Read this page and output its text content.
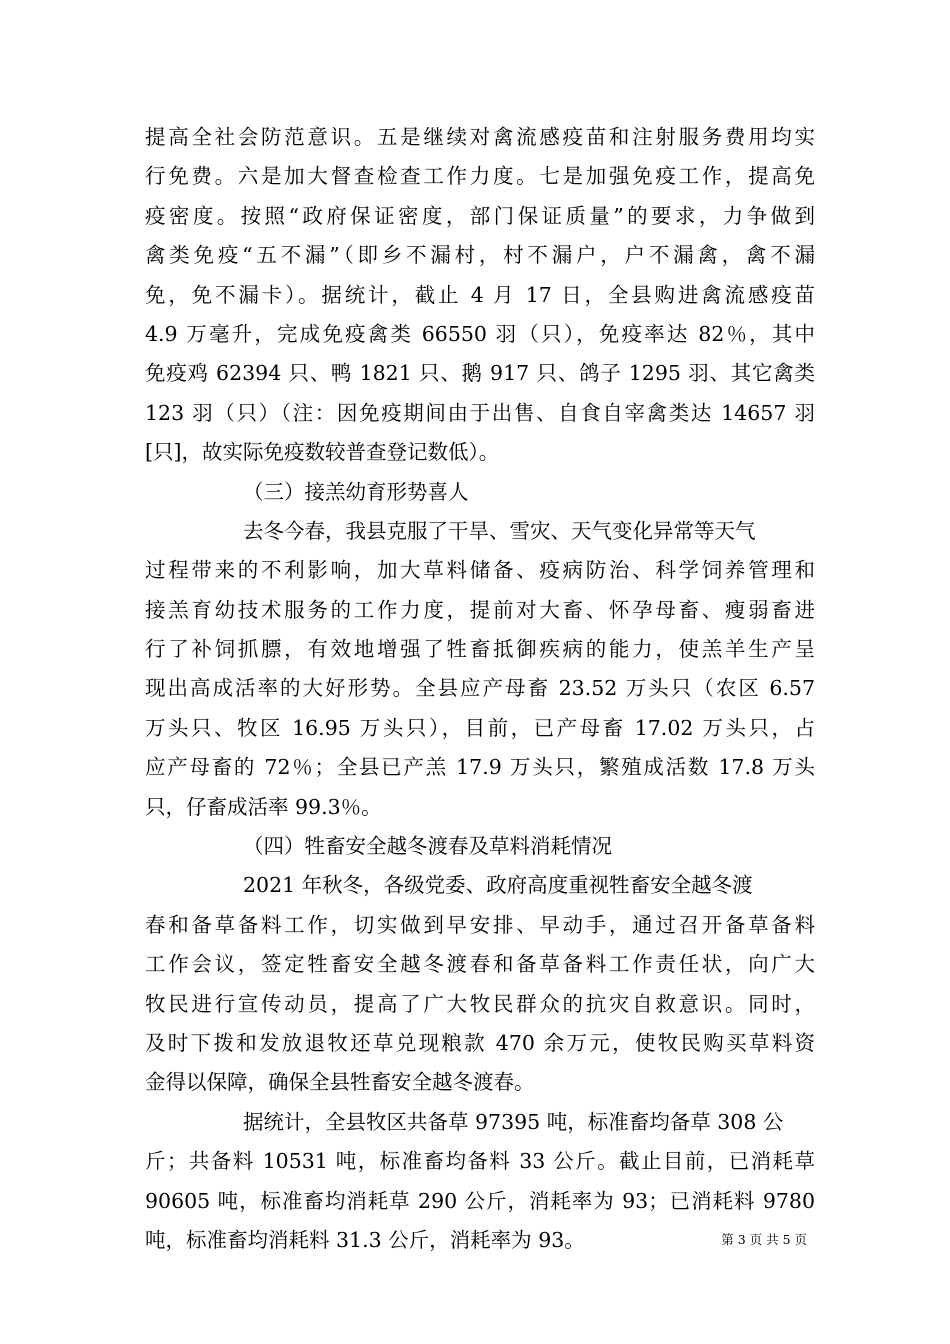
提高全社会防范意识。五是继续对禽流感疫苗和注射服务费用均实
行免费。六是加大督查检查工作力度。七是加强免疫工作，提高免
疫密度。按照“政府保证密度，部门保证质量”的要求，力争做到
禽类免疫“五不漏”（即乡不漏村，村不漏户，户不漏禽，禽不漏
免，免不漏卡）。据统计，截止 4 月 17 日，全县购进禽流感疫苗
4.9 万毫升，完成免疫禽类 66550 羽（只），免疫率达 82％，其中
免疫鸡 62394 只、鸭 1821 只、鹅 917 只、鸽子 1295 羽、其它禽类
123 羽（只）（注：因免疫期间由于出售、自食自宰禽类达 14657 羽
[只]，故实际免疫数较普查登记数低）。
（三）接羔幼育形势喜人
去冬今春，我县克服了干旱、雪灾、天气变化异常等天气
过程带来的不利影响，加大草料储备、疫病防治、科学饲养管理和
接羔育幼技术服务的工作力度，提前对大畜、怀孕母畜、瘦弱畜进
行了补饲抓膘，有效地增强了牲畜抵御疾病的能力，使羔羊生产呈
现出高成活率的大好形势。全县应产母畜 23.52 万头只（农区 6.57
万头只、牧区 16.95 万头只），目前，已产母畜 17.02 万头只，占
应产母畜的 72％；全县已产羔 17.9 万头只，繁殖成活数 17.8 万头
只，仔畜成活率 99.3％。
（四）牲畜安全越冬渡春及草料消耗情况
2021 年秋冬，各级党委、政府高度重视牲畜安全越冬渡
春和备草备料工作，切实做到早安排、早动手，通过召开备草备料
工作会议，签定牲畜安全越冬渡春和备草备料工作责任状，向广大
牧民进行宣传动员，提高了广大牧民群众的抗灾自救意识。同时，
及时下拨和发放退牧还草兑现粮款 470 余万元，使牧民购买草料资
金得以保障，确保全县牲畜安全越冬渡春。
据统计，全县牧区共备草 97395 吨，标准畜均备草 308 公
斤；共备料 10531 吨，标准畜均备料 33 公斤。截止目前，已消耗草
90605 吨，标准畜均消耗草 290 公斤，消耗率为 93；已消耗料 9780
吨，标准畜均消耗料 31.3 公斤，消耗率为 93。	第 3 页 共 5 页
